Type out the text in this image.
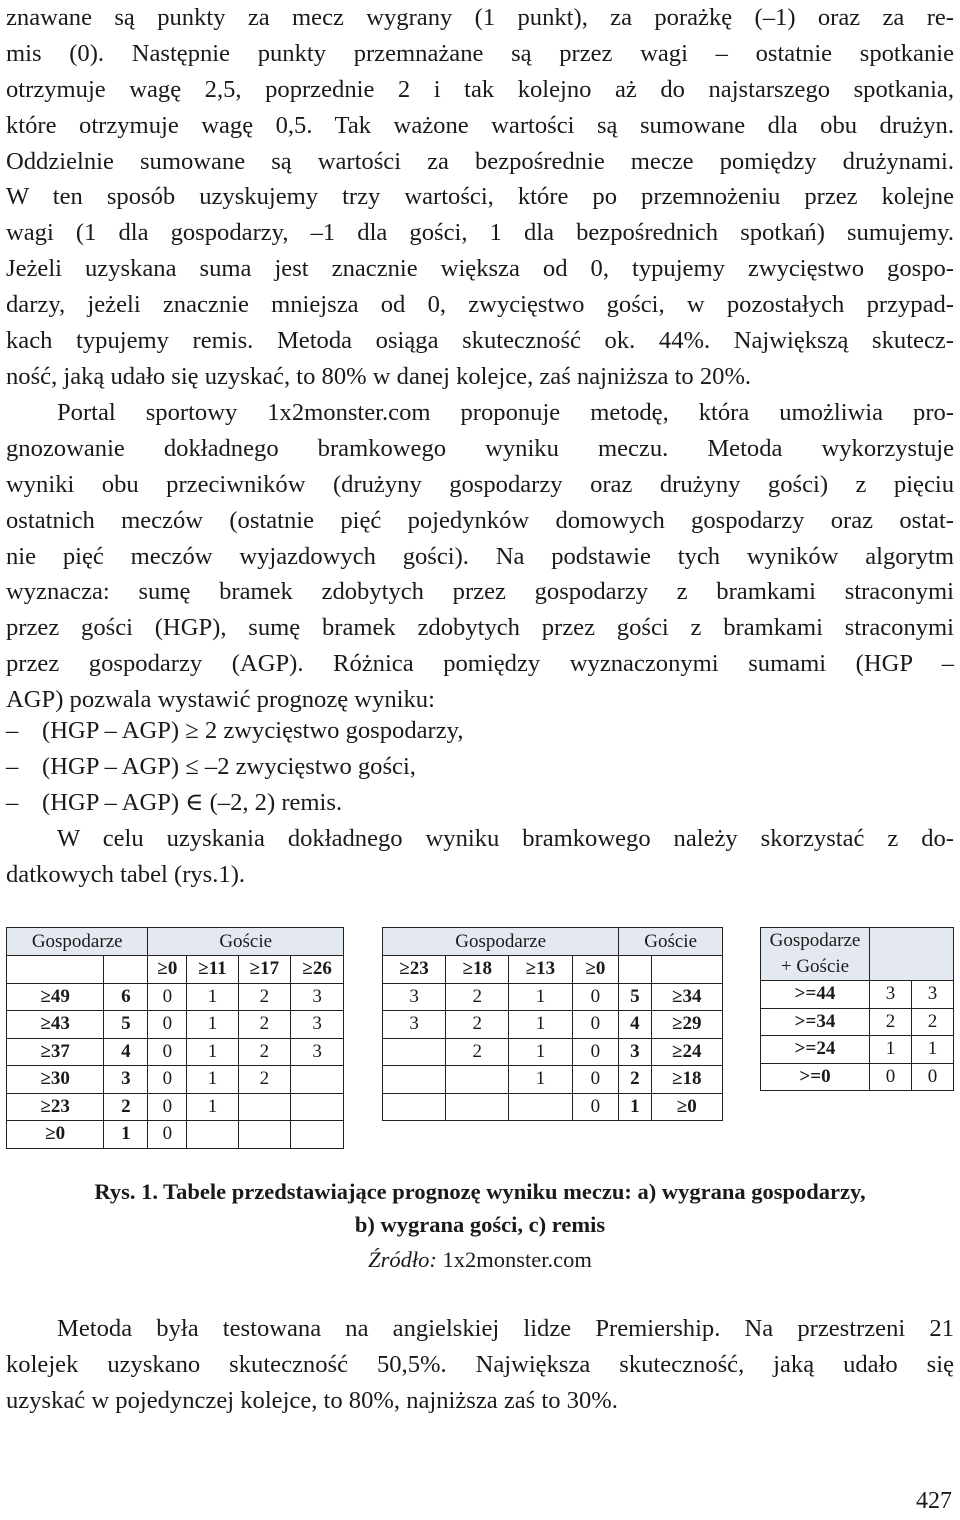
znawane są punkty za mecz wygrany (1 punkt), za porażkę (–1) oraz za re-
mis (0). Następnie punkty przemnażane są przez wagi – ostatnie spotkanie
otrzymuje wagę 2,5, poprzednie 2 i tak kolejno aż do najstarszego spotkania,
które otrzymuje wagę 0,5. Tak ważone wartości są sumowane dla obu drużyn.
Oddzielnie sumowane są wartości za bezpośrednie mecze pomiędzy drużynami.
W ten sposób uzyskujemy trzy wartości, które po przemnożeniu przez kolejne
wagi (1 dla gospodarzy, –1 dla gości, 1 dla bezpośrednich spotkań) sumujemy.
Jeżeli uzyskana suma jest znacznie większa od 0, typujemy zwycięstwo gospo-
darzy, jeżeli znacznie mniejsza od 0, zwycięstwo gości, w pozostałych przypad-
kach typujemy remis. Metoda osiąga skuteczność ok. 44%. Największą skutecz-
ność, jaką udało się uzyskać, to 80% w danej kolejce, zaś najniższa to 20%.
Portal sportowy 1x2monster.com proponuje metodę, która umożliwia pro-
gnozowanie dokładnego bramkowego wyniku meczu. Metoda wykorzystuje
wyniki obu przeciwników (drużyny gospodarzy oraz drużyny gości) z pięciu
ostatnich meczów (ostatnie pięć pojedynków domowych gospodarzy oraz ostat-
nie pięć meczów wyjazdowych gości). Na podstawie tych wyników algorytm
wyznacza: sumę bramek zdobytych przez gospodarzy z bramkami straconymi
przez gości (HGP), sumę bramek zdobytych przez gości z bramkami straconymi
przez gospodarzy (AGP). Różnica pomiędzy wyznaczonymi sumami (HGP –
AGP) pozwala wystawić prognozę wyniku:
– (HGP – AGP) ≥ 2 zwycięstwo gospodarzy,
– (HGP – AGP) ≤ –2 zwycięstwo gości,
– (HGP – AGP) ∈ (–2, 2) remis.
W celu uzyskania dokładnego wyniku bramkowego należy skorzystać z do-
datkowych tabel (rys.1).
Gospodarze		Goście			
		≥0	≥11	≥17	≥26
≥49	6	0	1	2	3
≥43	5	0	1	2	3
≥37	4	0	1	2	3
≥30	3	0	1	2	
≥23	2	0	1		
≥0	1	0			
Gospodarze				Goście	
≥23	≥18	≥13	≥0		
3	2	1	0	5	≥34
3	2	1	0	4	≥29
	2	1	0	3	≥24
		1	0	2	≥18
			0	1	≥0
Gospodarze		
+ Goście		
>=44	3	3
>=34	2	2
>=24	1	1
>=0	0	0
Rys. 1. Tabele przedstawiające prognozę wyniku meczu: a) wygrana gospodarzy,
b) wygrana gości, c) remis
Źródło: 1x2monster.com
Metoda była testowana na angielskiej lidze Premiership. Na przestrzeni 21
kolejek uzyskano skuteczność 50,5%. Największa skuteczność, jaką udało się
uzyskać w pojedynczej kolejce, to 80%, najniższa zaś to 30%.
427
